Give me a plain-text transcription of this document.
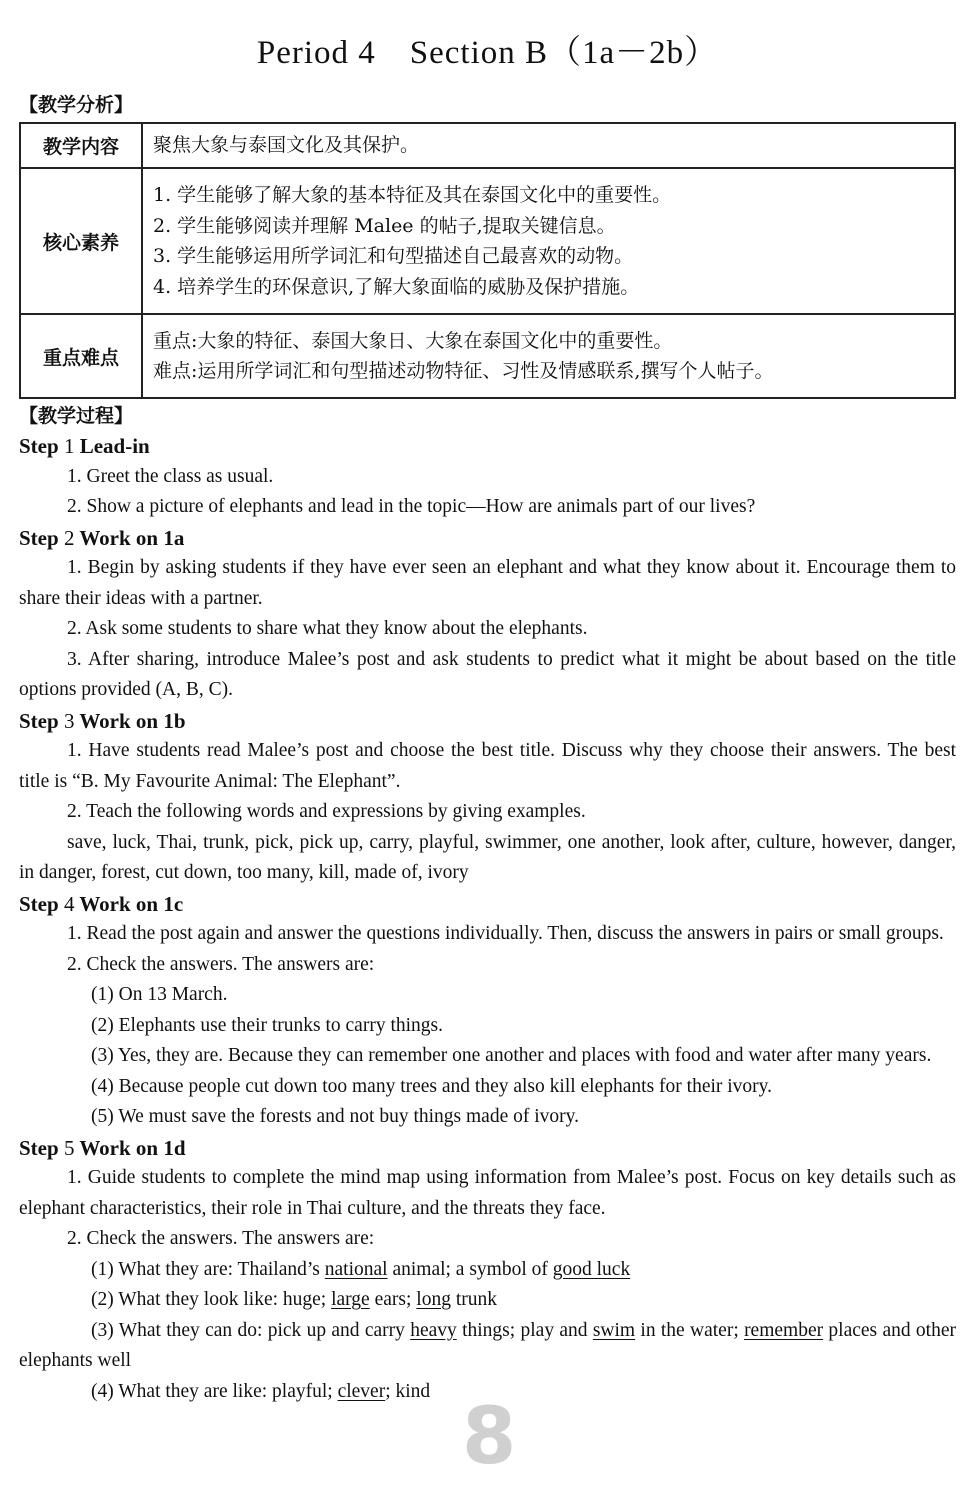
Period 4　Section B（1a－2b）
【教学分析】
教学内容	聚焦大象与泰国文化及其保护。

核心素养	1. 学生能够了解大象的基本特征及其在泰国文化中的重要性。
2. 学生能够阅读并理解 Malee 的帖子,提取关键信息。
3. 学生能够运用所学词汇和句型描述自己最喜欢的动物。
4. 培养学生的环保意识,了解大象面临的威胁及保护措施。

重点难点	重点:大象的特征、泰国大象日、大象在泰国文化中的重要性。
难点:运用所学词汇和句型描述动物特征、习性及情感联系,撰写个人帖子。
【教学过程】
Step 1 Lead-in
1. Greet the class as usual.
2. Show a picture of elephants and lead in the topic—How are animals part of our lives?
Step 2 Work on 1a
1. Begin by asking students if they have ever seen an elephant and what they know about it. Encourage them to share their ideas with a partner.
2. Ask some students to share what they know about the elephants.
3. After sharing, introduce Malee’s post and ask students to predict what it might be about based on the title options provided (A, B, C).
Step 3 Work on 1b
1. Have students read Malee’s post and choose the best title. Discuss why they choose their answers. The best title is “B. My Favourite Animal: The Elephant”.
2. Teach the following words and expressions by giving examples.
save, luck, Thai, trunk, pick, pick up, carry, playful, swimmer, one another, look after, culture, however, danger, in danger, forest, cut down, too many, kill, made of, ivory
Step 4 Work on 1c
1. Read the post again and answer the questions individually. Then, discuss the answers in pairs or small groups.
2. Check the answers. The answers are:
(1) On 13 March.
(2) Elephants use their trunks to carry things.
(3) Yes, they are. Because they can remember one another and places with food and water after many years.
(4) Because people cut down too many trees and they also kill elephants for their ivory.
(5) We must save the forests and not buy things made of ivory.
Step 5 Work on 1d
1. Guide students to complete the mind map using information from Malee’s post. Focus on key details such as elephant characteristics, their role in Thai culture, and the threats they face.
2. Check the answers. The answers are:
(1) What they are: Thailand’s national animal; a symbol of good luck
(2) What they look like: huge; large ears; long trunk
(3) What they can do: pick up and carry heavy things; play and swim in the water; remember places and other elephants well
(4) What they are like: playful; clever; kind
8
